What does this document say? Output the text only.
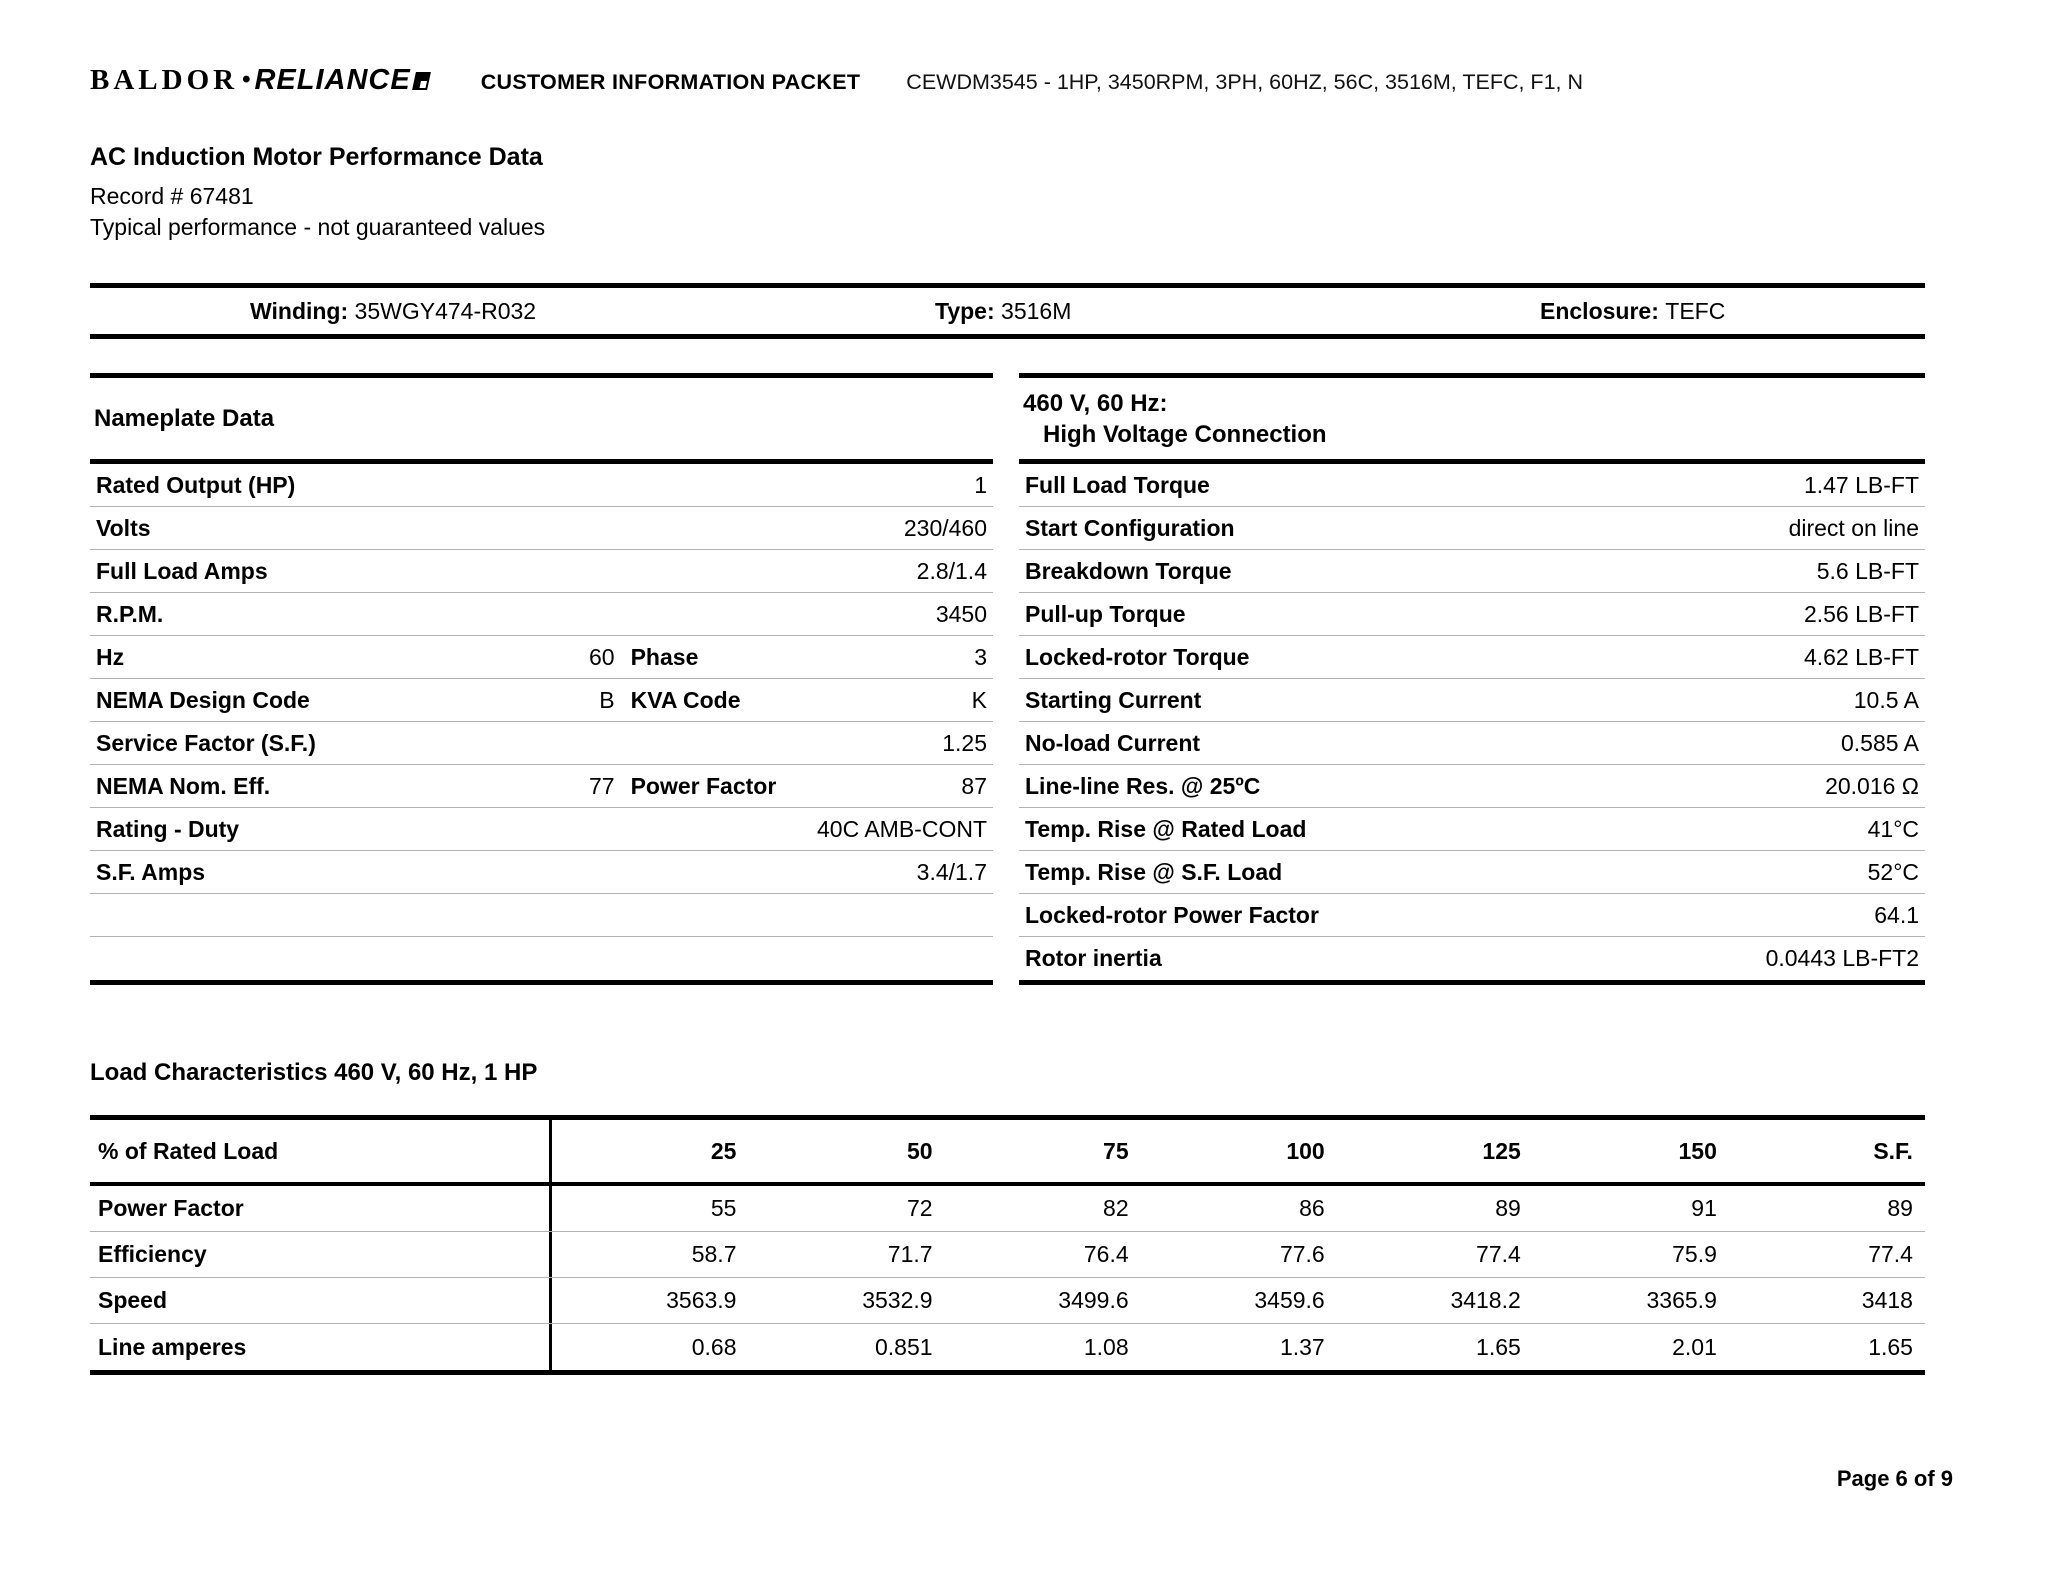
BALDOR • RELIANCE	CUSTOMER INFORMATION PACKET CEWDM3545 - 1HP, 3450RPM, 3PH, 60HZ, 56C, 3516M, TEFC, F1, N
AC Induction Motor Performance Data
Record # 67481
Typical performance - not guaranteed values
Winding: 35WGY474-R032	Type: 3516M	Enclosure: TEFC
Nameplate Data
Rated Output (HP)	1
Volts	230/460
Full Load Amps	2.8/1.4
R.P.M.	3450
Hz	60 Phase	3
NEMA Design Code	B KVA Code	K
Service Factor (S.F.)	1.25
NEMA Nom. Eff.	77 Power Factor	87
Rating - Duty	40C AMB-CONT
S.F. Amps	3.4/1.7
460 V, 60 Hz:
High Voltage Connection
Full Load Torque	1.47 LB-FT
Start Configuration	direct on line
Breakdown Torque	5.6 LB-FT
Pull-up Torque	2.56 LB-FT
Locked-rotor Torque	4.62 LB-FT
Starting Current	10.5 A
No-load Current	0.585 A
Line-line Res. @ 25ºC	20.016 Ω
Temp. Rise @ Rated Load	41°C
Temp. Rise @ S.F. Load	52°C
Locked-rotor Power Factor	64.1
Rotor inertia	0.0443 LB-FT2
Load Characteristics 460 V, 60 Hz, 1 HP
% of Rated Load	25	50	75	100	125	150	S.F.
Power Factor	55	72	82	86	89	91	89
Efficiency	58.7	71.7	76.4	77.6	77.4	75.9	77.4
Speed	3563.9	3532.9	3499.6	3459.6	3418.2	3365.9	3418
Line amperes	0.68	0.851	1.08	1.37	1.65	2.01	1.65
Page 6 of 9
